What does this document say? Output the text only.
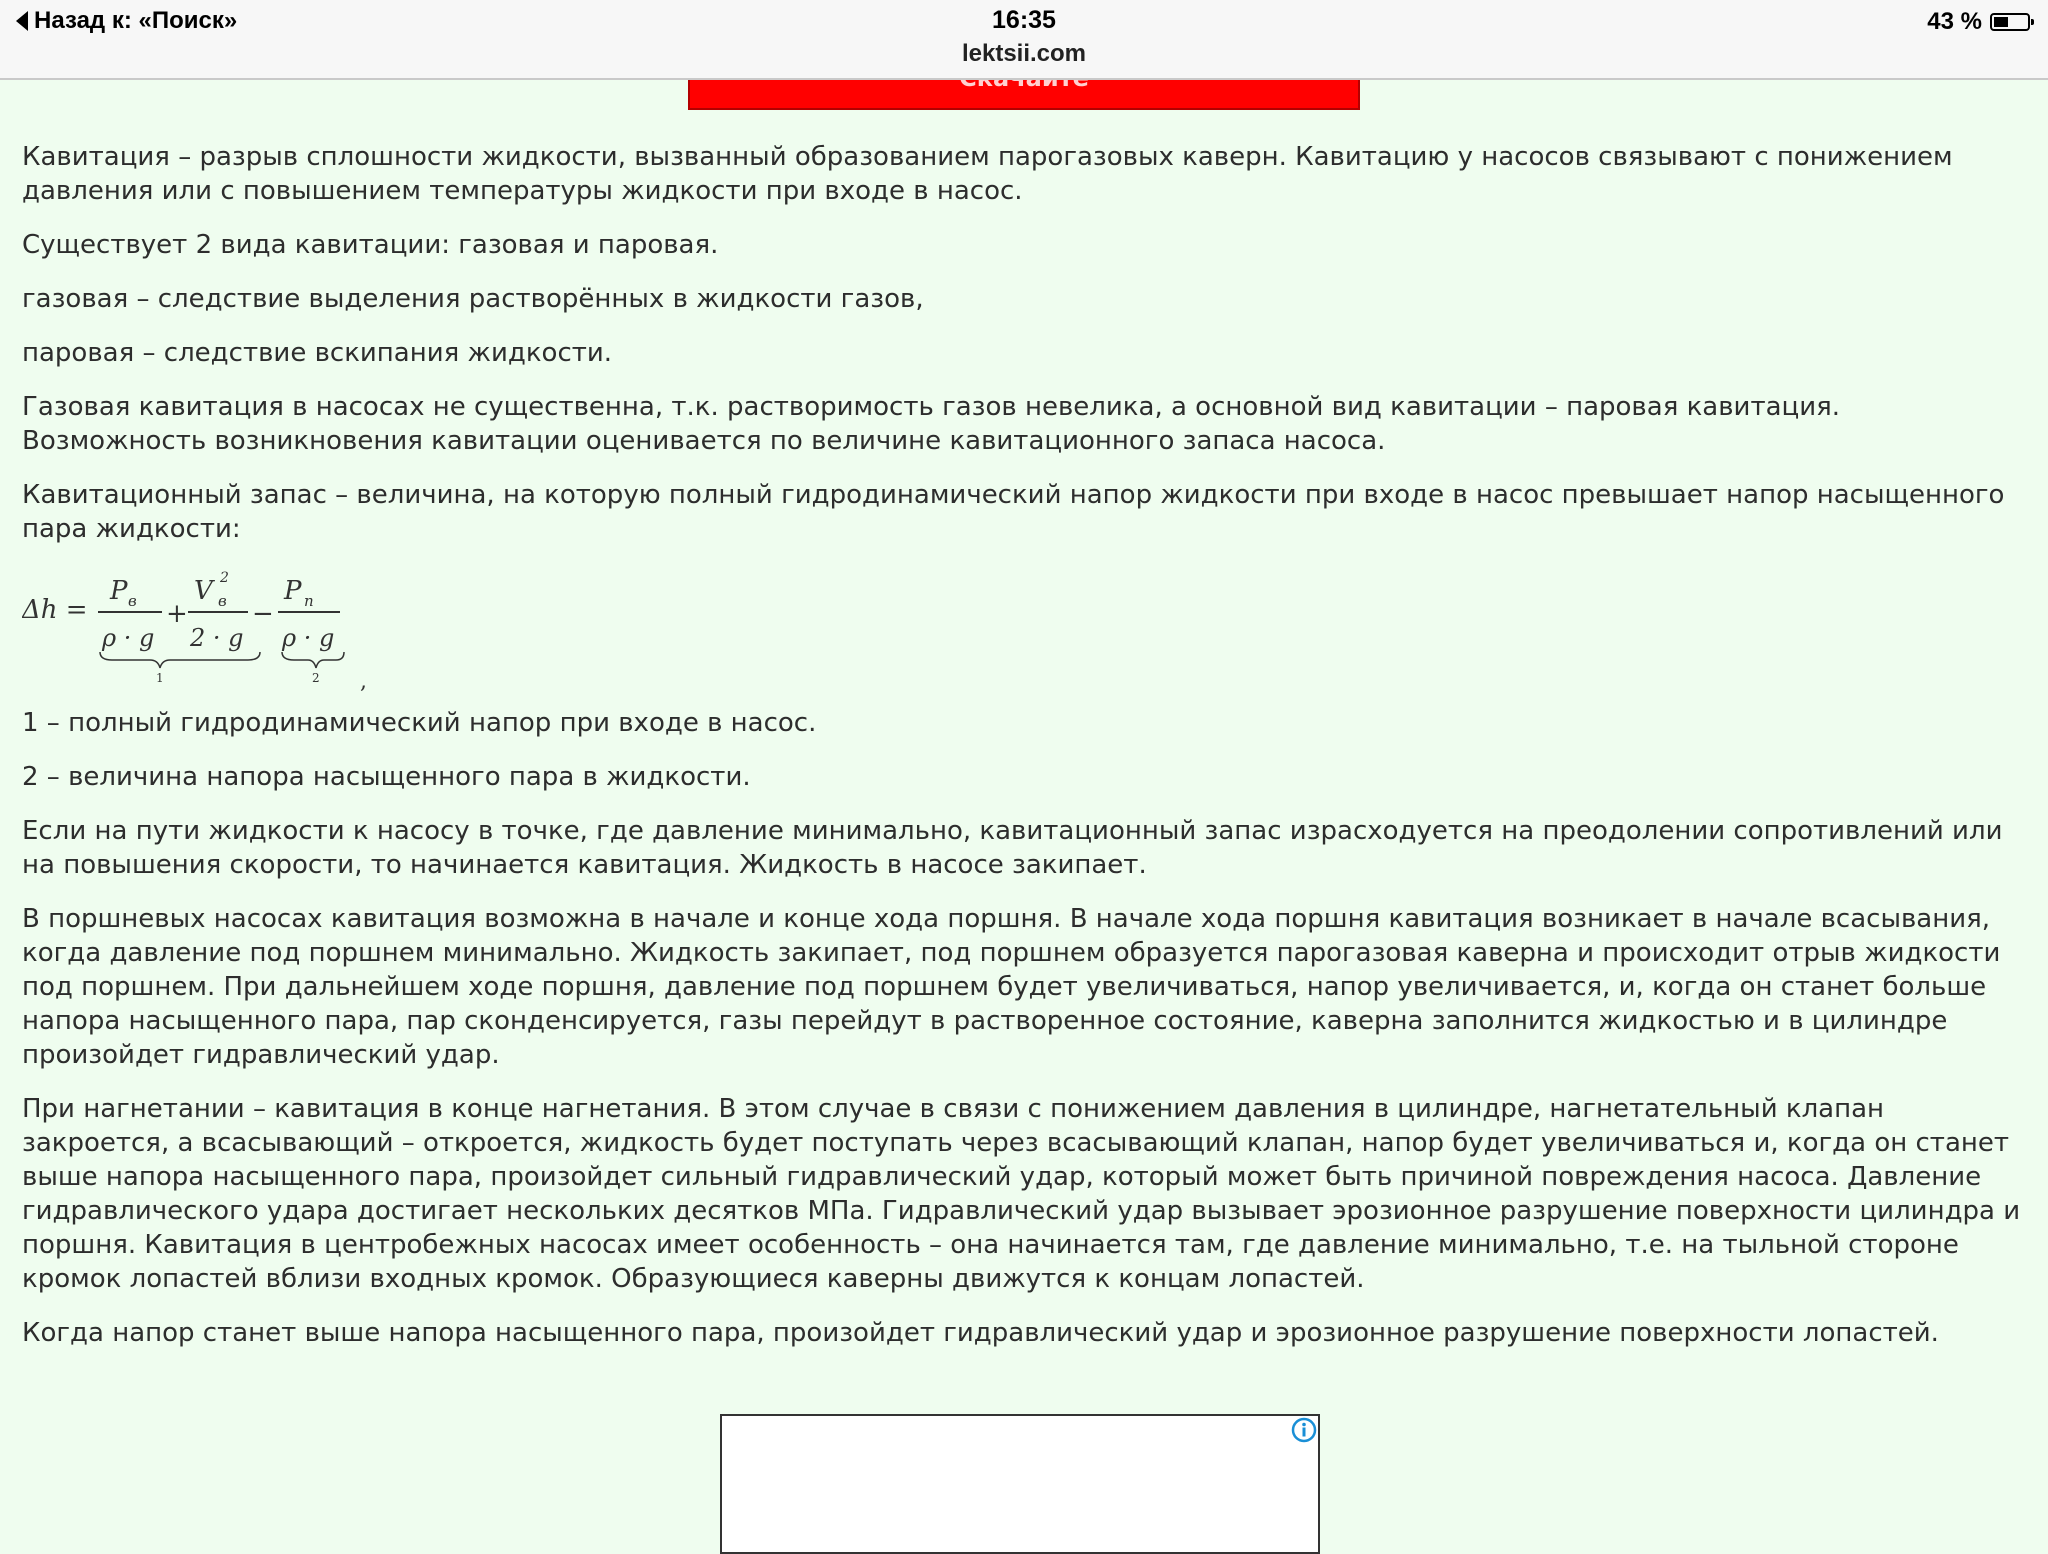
Назад к: «Поиск»	16:35
lektsii.com
43 %

Кавитация – разрыв сплошности жидкости, вызванный образованием парогазовых каверн. Кавитацию у насосов связывают с понижением давления или с повышением температуры жидкости при входе в насос.

Существует 2 вида кавитации: газовая и паровая.

газовая – следствие выделения растворённых в жидкости газов,

паровая – следствие вскипания жидкости.

Газовая кавитация в насосах не существенна, т.к. растворимость газов невелика, а основной вид кавитации – паровая кавитация. Возможность возникновения кавитации оценивается по величине кавитационного запаса насоса.

Кавитационный запас – величина, на которую полный гидродинамический напор жидкости при входе в насос превышает напор насыщенного пара жидкости:

Δh =
P в
ρ · g
+
V в
2
2 · g
−
P п
ρ · g
1	2 ,

1 – полный гидродинамический напор при входе в насос.

2 – величина напора насыщенного пара в жидкости.

Если на пути жидкости к насосу в точке, где давление минимально, кавитационный запас израсходуется на преодолении сопротивлений или на повышения скорости, то начинается кавитация. Жидкость в насосе закипает.

В поршневых насосах кавитация возможна в начале и конце хода поршня. В начале хода поршня кавитация возникает в начале всасывания, когда давление под поршнем минимально. Жидкость закипает, под поршнем образуется парогазовая каверна и происходит отрыв жидкости под поршнем. При дальнейшем ходе поршня, давление под поршнем будет увеличиваться, напор увеличивается, и, когда он станет больше напора насыщенного пара, пар сконденсируется, газы перейдут в растворенное состояние, каверна заполнится жидкостью и в цилиндре произойдет гидравлический удар.

При нагнетании – кавитация в конце нагнетания. В этом случае в связи с понижением давления в цилиндре, нагнетательный клапан закроется, а всасывающий – откроется, жидкость будет поступать через всасывающий клапан, напор будет увеличиваться и, когда он станет выше напора насыщенного пара, произойдет сильный гидравлический удар, который может быть причиной повреждения насоса. Давление гидравлического удара достигает нескольких десятков МПа. Гидравлический удар вызывает эрозионное разрушение поверхности цилиндра и поршня. Кавитация в центробежных насосах имеет особенность – она начинается там, где давление минимально, т.е. на тыльной стороне кромок лопастей вблизи входных кромок. Образующиеся каверны движутся к концам лопастей.

Когда напор станет выше напора насыщенного пара, произойдет гидравлический удар и эрозионное разрушение поверхности лопастей.
